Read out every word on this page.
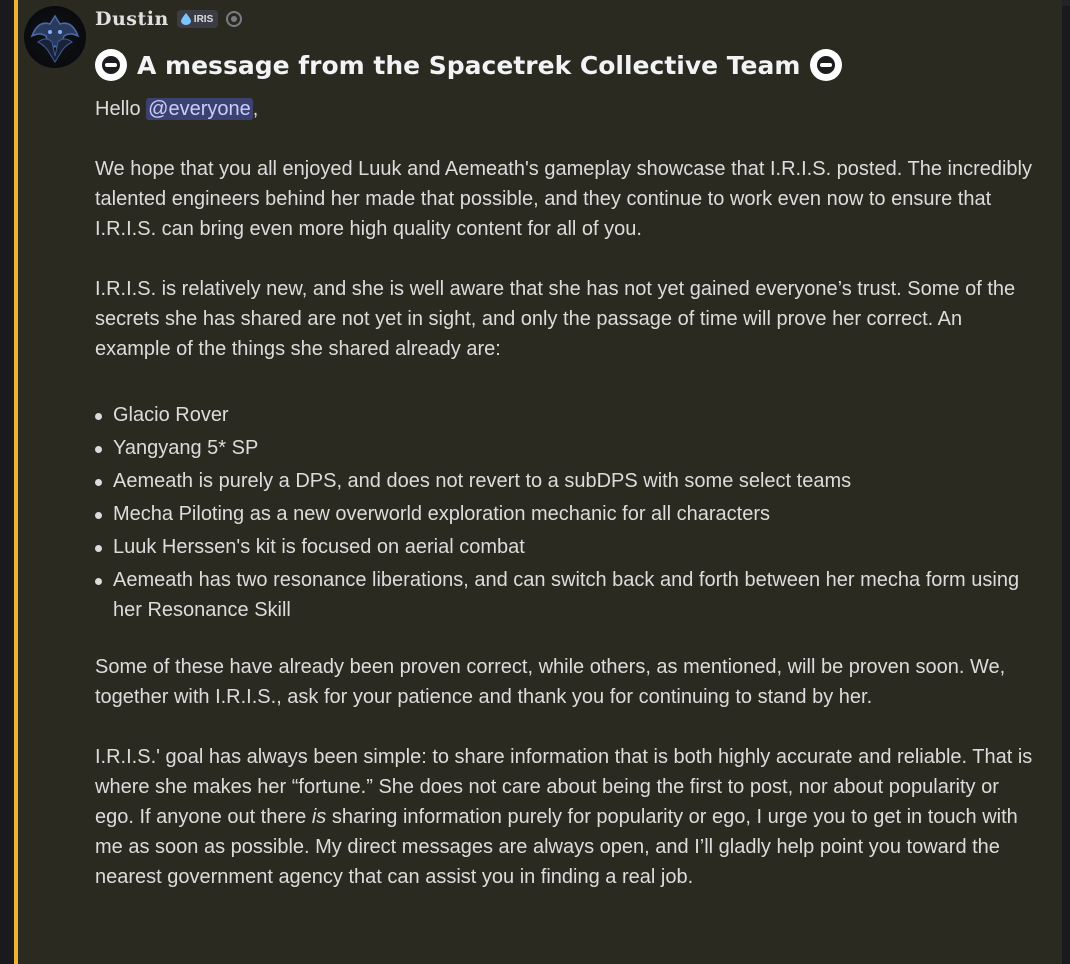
Dustin	IRIS
A message from the Spacetrek Collective Team

Hello @everyone ,

We hope that you all enjoyed Luuk and Aemeath's gameplay showcase that I.R.I.S. posted. The incredibly talented engineers behind her made that possible, and they continue to work even now to ensure that I.R.I.S. can bring even more high quality content for all of you.

I.R.I.S. is relatively new, and she is well aware that she has not yet gained everyone’s trust. Some of the secrets she has shared are not yet in sight, and only the passage of time will prove her correct. An example of the things she shared already are:

Glacio Rover
Yangyang 5* SP
Aemeath is purely a DPS, and does not revert to a subDPS with some select teams
Mecha Piloting as a new overworld exploration mechanic for all characters
Luuk Herssen's kit is focused on aerial combat
Aemeath has two resonance liberations, and can switch back and forth between her mecha form using her Resonance Skill

Some of these have already been proven correct, while others, as mentioned, will be proven soon. We, together with I.R.I.S., ask for your patience and thank you for continuing to stand by her.

I.R.I.S.' goal has always been simple: to share information that is both highly accurate and reliable. That is where she makes her “fortune.” She does not care about being the first to post, nor about popularity or ego. If anyone out there is sharing information purely for popularity or ego, I urge you to get in touch with me as soon as possible. My direct messages are always open, and I’ll gladly help point you toward the nearest government agency that can assist you in finding a real job.
